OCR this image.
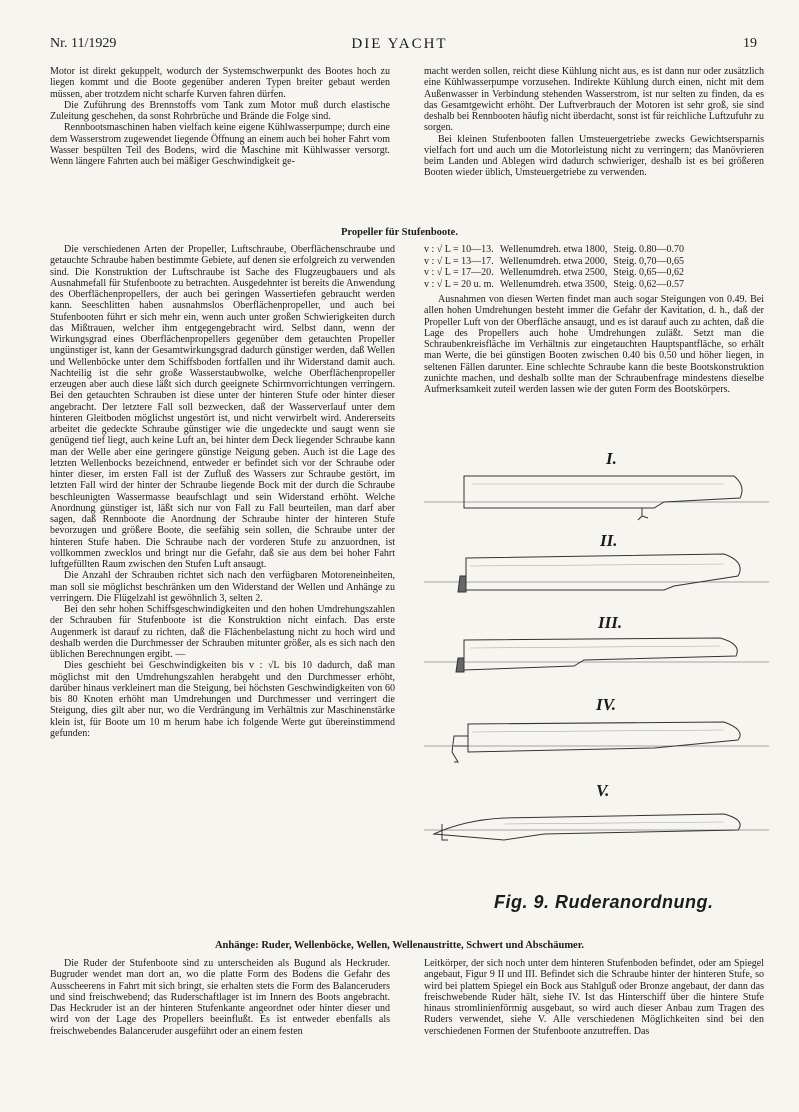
Nr. 11/1929	DIE YACHT	19

Motor ist direkt gekuppelt, wodurch der Systemschwerpunkt des Bootes hoch zu liegen kommt und die Boote gegenüber anderen Typen breiter gebaut werden müssen, aber trotzdem nicht scharfe Kurven fahren dürfen.

Die Zuführung des Brennstoffs vom Tank zum Motor muß durch elastische Zuleitung geschehen, da sonst Rohrbrüche und Brände die Folge sind.

Rennbootsmaschinen haben vielfach keine eigene Kühlwasserpumpe; durch eine dem Wasserstrom zugewendet liegende Öffnung an einem auch bei hoher Fahrt vom Wasser bespülten Teil des Bodens, wird die Maschine mit Kühlwasser versorgt. Wenn längere Fahrten auch bei mäßiger Geschwindigkeit ge-

macht werden sollen, reicht diese Kühlung nicht aus, es ist dann nur oder zusätzlich eine Kühlwasserpumpe vorzusehen. Indirekte Kühlung durch einen, nicht mit dem Außenwasser in Verbindung stehenden Wasserstrom, ist nur selten zu finden, da es das Gesamtgewicht erhöht. Der Luftverbrauch der Motoren ist sehr groß, sie sind deshalb bei Rennbooten häufig nicht überdacht, sonst ist für reichliche Luftzufuhr zu sorgen.

Bei kleinen Stufenbooten fallen Umsteuergetriebe zwecks Gewichtsersparnis vielfach fort und auch um die Motorleistung nicht zu verringern; das Manövrieren beim Landen und Ablegen wird dadurch schwieriger, deshalb ist es bei größeren Booten wieder üblich, Umsteuergetriebe zu verwenden.

Propeller für Stufenboote.

Die verschiedenen Arten der Propeller, Luftschraube, Oberflächenschraube und getauchte Schraube haben bestimmte Gebiete, auf denen sie erfolgreich zu verwenden sind. Die Konstruktion der Luftschraube ist Sache des Flugzeugbauers und als Ausnahmefall für Stufenboote zu betrachten. Ausgedehnter ist bereits die Anwendung des Oberflächenpropellers, der auch bei geringen Wassertiefen gebraucht werden kann. Seeschlitten haben ausnahmslos Oberflächenpropeller, und auch bei Stufenbooten führt er sich mehr ein, wenn auch unter großen Schwierigkeiten durch das Mißtrauen, welcher ihm entgegengebracht wird. Selbst dann, wenn der Wirkungsgrad eines Oberflächenpropellers gegenüber dem getauchten Propeller ungünstiger ist, kann der Gesamtwirkungsgrad dadurch günstiger werden, daß Wellen und Wellenböcke unter dem Schiffsboden fortfallen und ihr Widerstand damit auch. Nachteilig ist die sehr große Wasserstaubwolke, welche Oberflächenpropeller erzeugen aber auch diese läßt sich durch geeignete Schirmvorrichtungen verringern. Bei den getauchten Schrauben ist diese unter der hinteren Stufe oder hinter dieser angebracht. Der letztere Fall soll bezwecken, daß der Wasserverlauf unter dem hinteren Gleitboden möglichst ungestört ist, und nicht verwirbelt wird. Andererseits arbeitet die gedeckte Schraube günstiger wie die ungedeckte und saugt wenn sie genügend tief liegt, auch keine Luft an, bei hinter dem Deck liegender Schraube kann man der Welle aber eine geringere günstige Neigung geben. Auch ist die Lage des letzten Wellenbocks bezeichnend, entweder er befindet sich vor der Schraube oder hinter dieser, im ersten Fall ist der Zufluß des Wassers zur Schraube gestört, im letzten Fall wird der hinter der Schraube liegende Bock mit der durch die Schraube beschleunigten Wassermasse beaufschlagt und sein Widerstand erhöht. Welche Anordnung günstiger ist, läßt sich nur von Fall zu Fall beurteilen, man darf aber sagen, daß Rennboote die Anordnung der Schraube hinter der hinteren Stufe bevorzugen und größere Boote, die seefähig sein sollen, die Schraube unter der hinteren Stufe haben. Die Schraube nach der vorderen Stufe zu anzuordnen, ist vollkommen zwecklos und bringt nur die Gefahr, daß sie aus dem bei hoher Fahrt luftgefüllten Raum zwischen den Stufen Luft ansaugt.

Die Anzahl der Schrauben richtet sich nach den verfügbaren Motoreneinheiten, man soll sie möglichst beschränken um den Widerstand der Wellen und Anhänge zu verringern. Die Flügelzahl ist gewöhnlich 3, selten 2.

Bei den sehr hohen Schiffsgeschwindigkeiten und den hohen Umdrehungszahlen der Schrauben für Stufenboote ist die Konstruktion nicht einfach. Das erste Augenmerk ist darauf zu richten, daß die Flächenbelastung nicht zu hoch wird und deshalb werden die Durchmesser der Schrauben mitunter größer, als es sich nach den üblichen Berechnungen ergibt. —

Dies geschieht bei Geschwindigkeiten bis v : √L bis 10 dadurch, daß man möglichst mit den Umdrehungszahlen herabgeht und den Durchmesser erhöht, darüber hinaus verkleinert man die Steigung, bei höchsten Geschwindigkeiten von 60 bis 80 Knoten erhöht man Umdrehungen und Durchmesser und verringert die Steigung, dies gilt aber nur, wo die Verdrängung im Verhältnis zur Maschinenstärke klein ist, für Boote um 10 m herum habe ich folgende Werte gut übereinstimmend gefunden:

v : √ L = 10—13.	Wellenumdreh. etwa 1800,	Steig. 0.80—0.70
v : √ L = 13—17.	Wellenumdreh. etwa 2000,	Steig. 0,70—0,65
v : √ L = 17—20.	Wellenumdreh. etwa 2500,	Steig. 0,65—0,62
v : √ L = 20 u. m.	Wellenumdreh. etwa 3500,	Steig. 0,62—0.57

Ausnahmen von diesen Werten findet man auch sogar Steigungen von 0.49. Bei allen hohen Umdrehungen besteht immer die Gefahr der Kavitation, d. h., daß der Propeller Luft von der Oberfläche ansaugt, und es ist darauf auch zu achten, daß die Lage des Propellers auch hohe Umdrehungen zuläßt. Setzt man die Schraubenkreisfläche im Verhältnis zur eingetauchten Hauptspantfläche, so erhält man Werte, die bei günstigen Booten zwischen 0.40 bis 0.50 und höher liegen, in seltenen Fällen darunter. Eine schlechte Schraube kann die beste Bootskonstruktion zunichte machen, und deshalb sollte man der Schraubenfrage mindestens dieselbe Aufmerksamkeit zuteil werden lassen wie der guten Form des Bootskörpers.

I.
II.
III.
IV.
V.
Fig. 9. Ruderanordnung.
Anhänge: Ruder, Wellenböcke, Wellen, Wellenaustritte, Schwert und Abschäumer.

Die Ruder der Stufenboote sind zu unterscheiden als Bugund als Heckruder. Bugruder wendet man dort an, wo die platte Form des Bodens die Gefahr des Ausscheerens in Fahrt mit sich bringt, sie erhalten stets die Form des Balanceruders und sind freischwebend; das Ruderschaftlager ist im Innern des Boots angebracht. Das Heckruder ist an der hinteren Stufenkante angeordnet oder hinter dieser und wird von der Lage des Propellers beeinflußt. Es ist entweder ebenfalls als freischwebendes Balanceruder ausgeführt oder an einem festen

Leitkörper, der sich noch unter dem hinteren Stufenboden befindet, oder am Spiegel angebaut, Figur 9 II und III. Befindet sich die Schraube hinter der hinteren Stufe, so wird bei plattem Spiegel ein Bock aus Stahlguß oder Bronze angebaut, der dann das freischwebende Ruder hält, siehe IV. Ist das Hinterschiff über die hintere Stufe hinaus stromlinienförmig ausgebaut, so wird auch dieser Anbau zum Tragen des Ruders verwendet, siehe V. Alle verschiedenen Möglichkeiten sind bei den verschiedenen Formen der Stufenboote anzutreffen. Das
